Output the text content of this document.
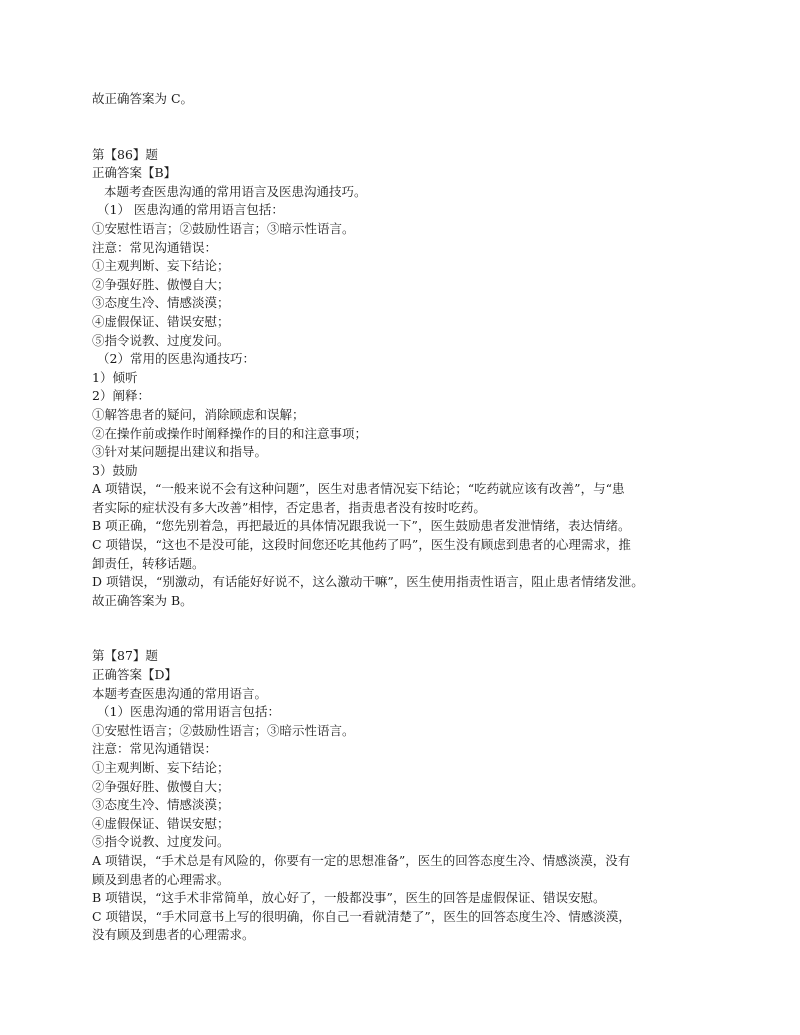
故正确答案为 C。
第【86】题
正确答案【B】
本题考查医患沟通的常用语言及医患沟通技巧。
（1） 医患沟通的常用语言包括：
①安慰性语言；②鼓励性语言；③暗示性语言。
注意：常见沟通错误：
①主观判断、妄下结论；
②争强好胜、傲慢自大；
③态度生冷、情感淡漠；
④虚假保证、错误安慰；
⑤指令说教、过度发问。
（2）常用的医患沟通技巧：
1）倾听
2）阐释：
①解答患者的疑问，消除顾虑和误解；
②在操作前或操作时阐释操作的目的和注意事项；
③针对某问题提出建议和指导。
3）鼓励
A 项错误，“一般来说不会有这种问题”，医生对患者情况妄下结论；“吃药就应该有改善”，与“患
者实际的症状没有多大改善”相悖，否定患者，指责患者没有按时吃药。
B 项正确，“您先别着急，再把最近的具体情况跟我说一下”，医生鼓励患者发泄情绪，表达情绪。
C 项错误，“这也不是没可能，这段时间您还吃其他药了吗”，医生没有顾虑到患者的心理需求，推
卸责任，转移话题。
D 项错误，“别激动，有话能好好说不，这么激动干嘛”，医生使用指责性语言，阻止患者情绪发泄。
故正确答案为 B。
第【87】题
正确答案【D】
本题考查医患沟通的常用语言。
（1）医患沟通的常用语言包括：
①安慰性语言；②鼓励性语言；③暗示性语言。
注意：常见沟通错误：
①主观判断、妄下结论；
②争强好胜、傲慢自大；
③态度生冷、情感淡漠；
④虚假保证、错误安慰；
⑤指令说教、过度发问。
A 项错误，“手术总是有风险的，你要有一定的思想准备”，医生的回答态度生冷、情感淡漠，没有
顾及到患者的心理需求。
B 项错误，“这手术非常简单，放心好了，一般都没事”，医生的回答是虚假保证、错误安慰。
C 项错误，“手术同意书上写的很明确，你自己一看就清楚了”，医生的回答态度生冷、情感淡漠，
没有顾及到患者的心理需求。
